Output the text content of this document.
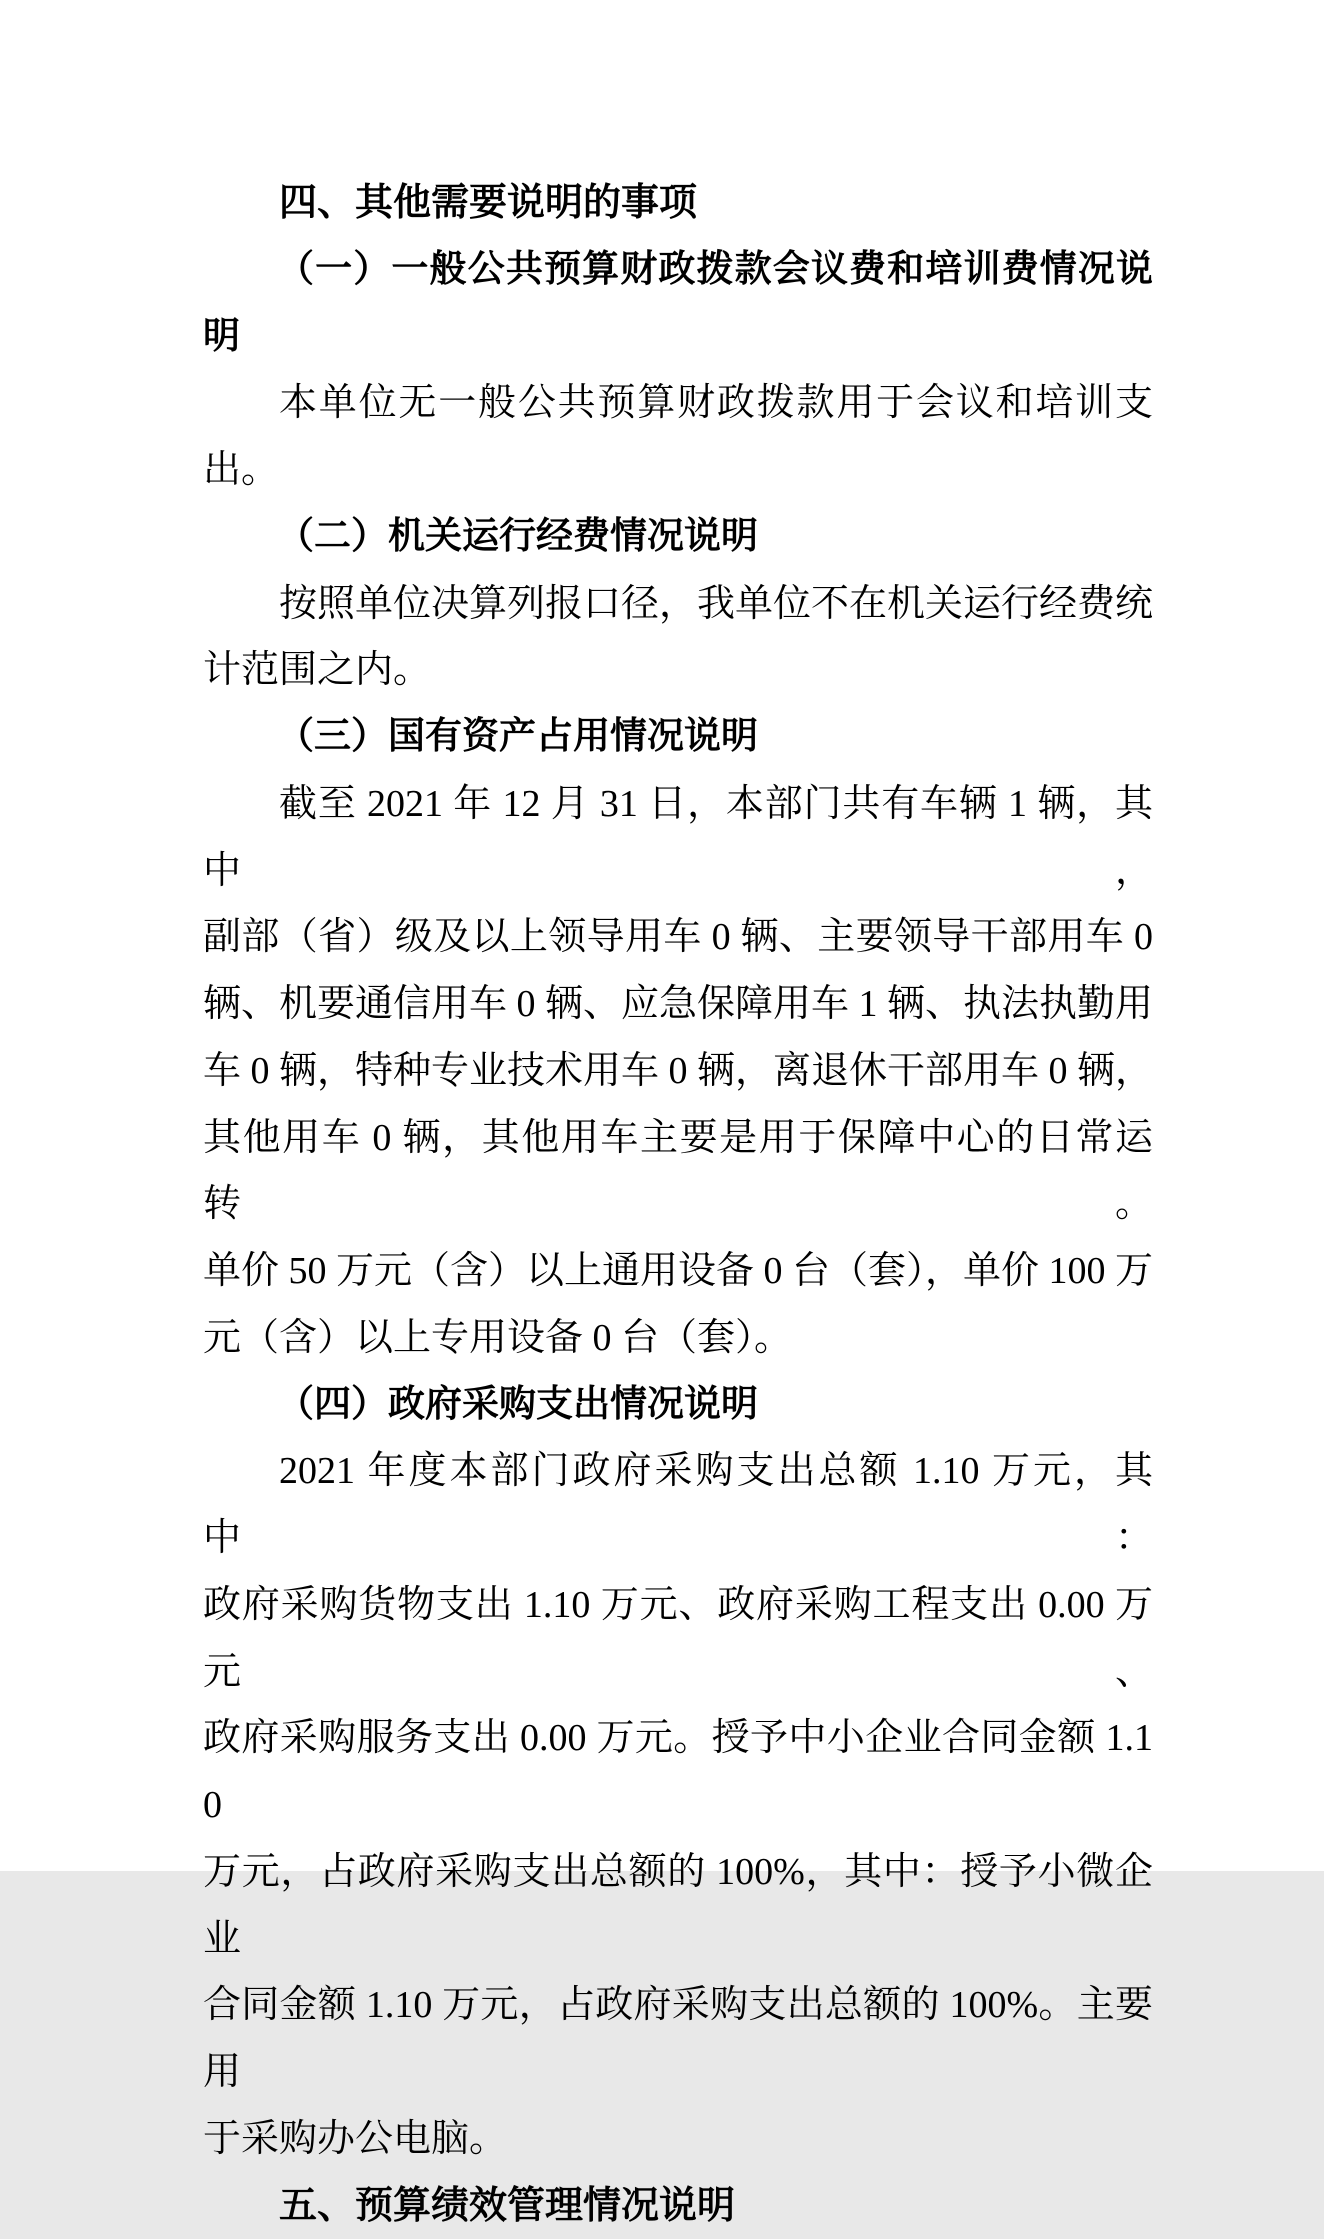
四、其他需要说明的事项
（一）一般公共预算财政拨款会议费和培训费情况说
明
本单位无一般公共预算财政拨款用于会议和培训支出。
（二）机关运行经费情况说明
按照单位决算列报口径，我单位不在机关运行经费统
计范围之内。
（三）国有资产占用情况说明
截至 2021 年 12 月 31 日，本部门共有车辆 1 辆，其中，
副部（省）级及以上领导用车 0 辆、主要领导干部用车 0
辆、机要通信用车 0 辆、应急保障用车 1 辆、执法执勤用
车 0 辆，特种专业技术用车 0 辆，离退休干部用车 0 辆，
其他用车 0 辆，其他用车主要是用于保障中心的日常运转。
单价 50 万元（含）以上通用设备 0 台（套），单价 100 万
元（含）以上专用设备 0 台（套）。
（四）政府采购支出情况说明
2021 年度本部门政府采购支出总额 1.10 万元，其中：
政府采购货物支出 1.10 万元、政府采购工程支出 0.00 万元、
政府采购服务支出 0.00 万元。授予中小企业合同金额 1.10
万元，占政府采购支出总额的 100%，其中：授予小微企业
合同金额 1.10 万元，占政府采购支出总额的 100%。主要用
于采购办公电脑。
五、预算绩效管理情况说明
